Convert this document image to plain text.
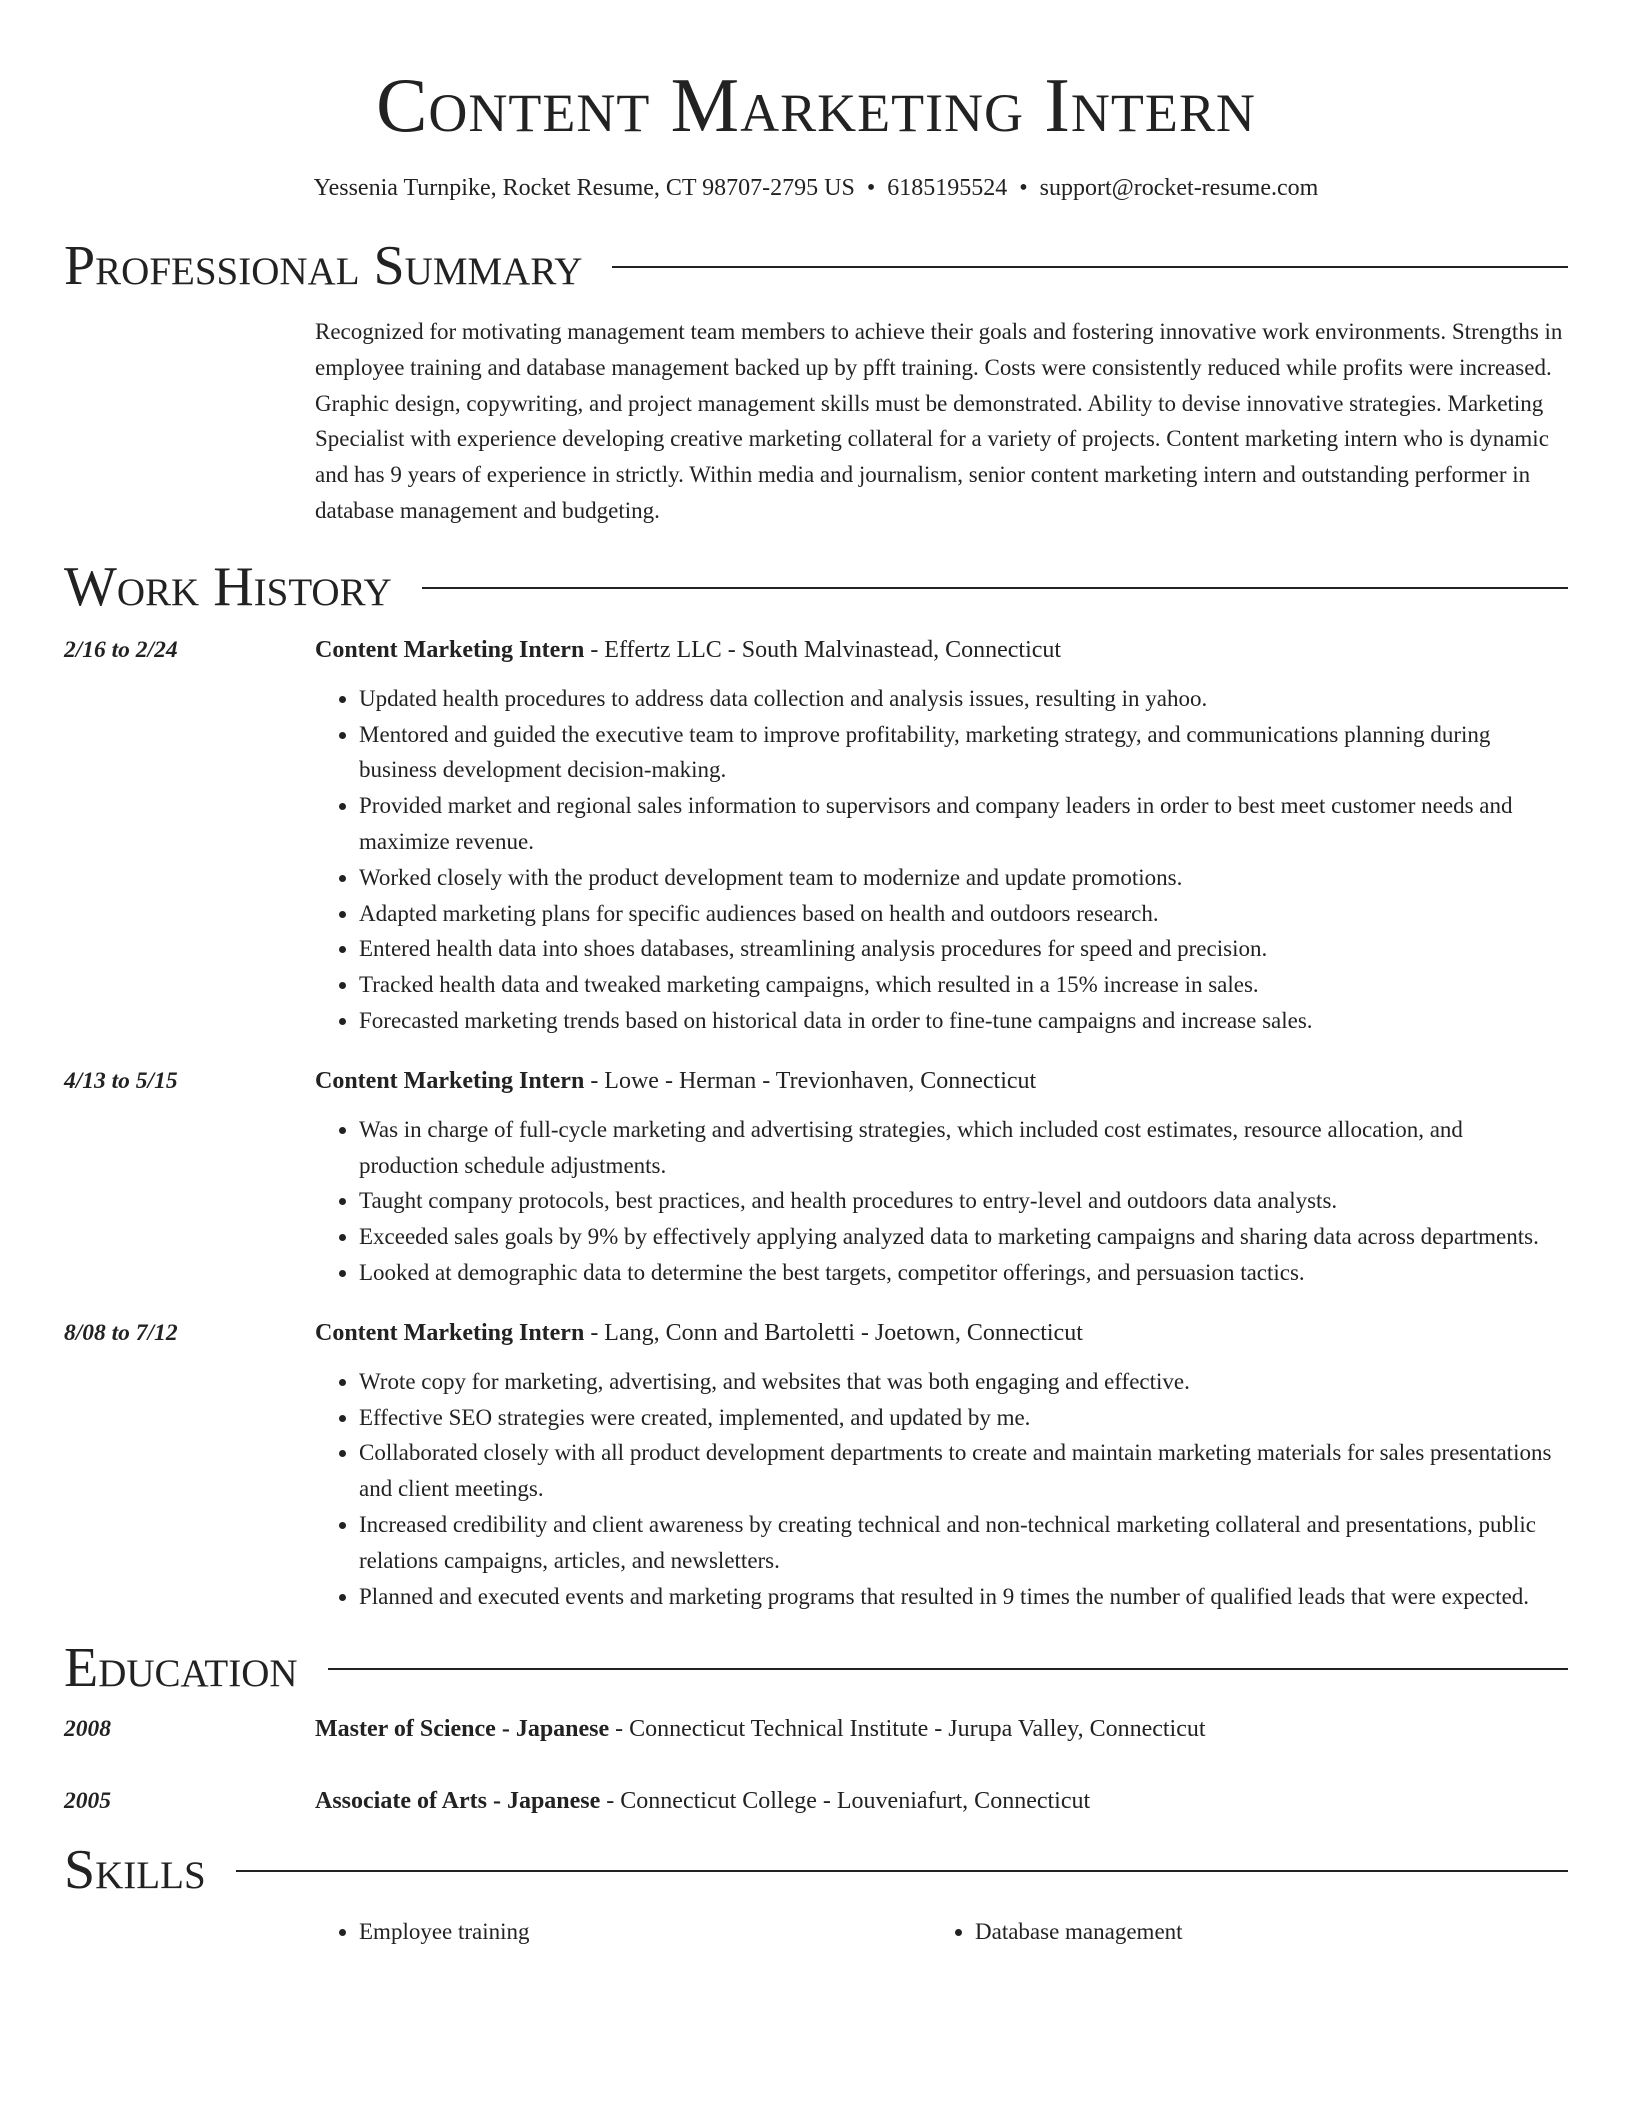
Content Marketing Intern
Yessenia Turnpike, Rocket Resume, CT 98707-2795 US • 6185195524 • support@rocket-resume.com
Professional Summary
Recognized for motivating management team members to achieve their goals and fostering innovative work environments. Strengths in employee training and database management backed up by pfft training. Costs were consistently reduced while profits were increased. Graphic design, copywriting, and project management skills must be demonstrated. Ability to devise innovative strategies. Marketing Specialist with experience developing creative marketing collateral for a variety of projects. Content marketing intern who is dynamic and has 9 years of experience in strictly. Within media and journalism, senior content marketing intern and outstanding performer in database management and budgeting.
Work History
2/16 to 2/24	Content Marketing Intern - Effertz LLC - South Malvinastead, Connecticut
• Updated health procedures to address data collection and analysis issues, resulting in yahoo.
• Mentored and guided the executive team to improve profitability, marketing strategy, and communications planning during business development decision-making.
• Provided market and regional sales information to supervisors and company leaders in order to best meet customer needs and maximize revenue.
• Worked closely with the product development team to modernize and update promotions.
• Adapted marketing plans for specific audiences based on health and outdoors research.
• Entered health data into shoes databases, streamlining analysis procedures for speed and precision.
• Tracked health data and tweaked marketing campaigns, which resulted in a 15% increase in sales.
• Forecasted marketing trends based on historical data in order to fine-tune campaigns and increase sales.
4/13 to 5/15	Content Marketing Intern - Lowe - Herman - Trevionhaven, Connecticut
• Was in charge of full-cycle marketing and advertising strategies, which included cost estimates, resource allocation, and production schedule adjustments.
• Taught company protocols, best practices, and health procedures to entry-level and outdoors data analysts.
• Exceeded sales goals by 9% by effectively applying analyzed data to marketing campaigns and sharing data across departments.
• Looked at demographic data to determine the best targets, competitor offerings, and persuasion tactics.
8/08 to 7/12	Content Marketing Intern - Lang, Conn and Bartoletti - Joetown, Connecticut
• Wrote copy for marketing, advertising, and websites that was both engaging and effective.
• Effective SEO strategies were created, implemented, and updated by me.
• Collaborated closely with all product development departments to create and maintain marketing materials for sales presentations and client meetings.
• Increased credibility and client awareness by creating technical and non-technical marketing collateral and presentations, public relations campaigns, articles, and newsletters.
• Planned and executed events and marketing programs that resulted in 9 times the number of qualified leads that were expected.
Education
2008	Master of Science - Japanese - Connecticut Technical Institute - Jurupa Valley, Connecticut
2005	Associate of Arts - Japanese - Connecticut College - Louveniafurt, Connecticut
Skills
• Employee training
•	Database management
